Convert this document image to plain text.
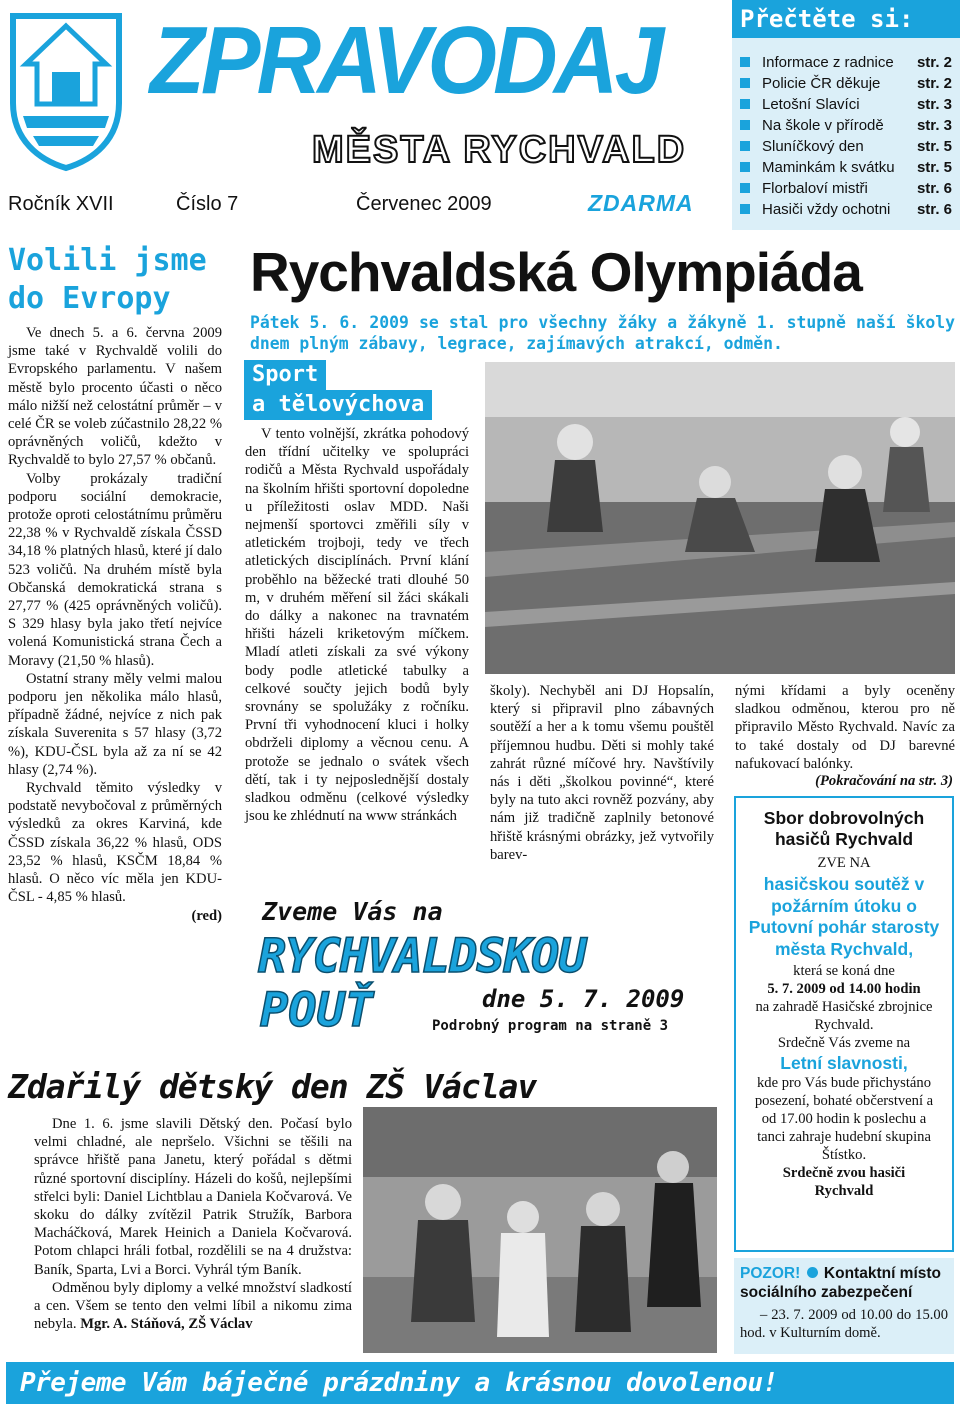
ZPRAVODAJ
MĚSTA RYCHVALD
Ročník XVII	Číslo 7	Červenec 2009	ZDARMA
Přečtěte si:
Informace z radnice str. 2
Policie ČR děkuje str. 2
Letošní Slavíci	str. 3
Na škole v přírodě str. 3
Sluníčkový den	str. 5
Maminkám k svátku str. 5
Florbaloví mistři	str. 6
Hasiči vždy ochotni str. 6
Volili jsme
do Evropy

Ve dnech 5. a 6. června 2009 jsme také v Rychvaldě volili do Evropského parlamentu. V našem městě bylo procento účasti o něco málo nižší než celostátní průměr – v celé ČR se voleb zúčastnilo 28,22 % oprávněných voličů, kdežto v Rychvaldě to bylo 27,57 % občanů.

Volby prokázaly tradiční podporu sociální demokracie, protože oproti celostátnímu průměru 22,38 % v Rychvaldě získala ČSSD 34,18 % platných hlasů, které jí dalo 523 voličů. Na druhém místě byla Občanská demokratická strana s 27,77 % (425 oprávněných voličů). S 329 hlasy byla jako třetí nejvíce volená Komunistická strana Čech a Moravy (21,50 % hlasů).

Ostatní strany měly velmi malou podporu jen několika málo hlasů, případně žádné, nejvíce z nich pak získala Suverenita s 57 hlasy (3,72 %), KDU-ČSL byla až za ní se 42 hlasy (2,74 %).

Rychvald těmito výsledky v podstatě nevybočoval z průměrných výsledků za okres Karviná, kde ČSSD získala 36,22 % hlasů, ODS 23,52 % hlasů, KSČM 18,84 % hlasů. O něco víc měla jen KDU-ČSL - 4,85 % hlasů.

(red)

Rychvaldská Olympiáda
Pátek 5. 6. 2009 se stal pro všechny žáky a žákyně 1. stupně naší školy dnem plným zábavy, legrace, zajímavých atrakcí, odměn.
Sport
a tělovýchova
V tento volnější, zkrátka pohodový den třídní učitelky ve spolupráci rodičů a Města Rychvald uspořádaly na školním hřišti sportovní dopoledne u příležitosti oslav MDD. Naši nejmenší sportovci změřili síly v atletickém trojboji, tedy ve třech atletických disciplínách. První klání proběhlo na běžecké trati dlouhé 50 m, v druhém měření sil žáci skákali do dálky a nakonec na travnatém hřišti házeli kriketovým míčkem. Mladí atleti získali za své výkony body podle atletické tabulky a celkové součty jejich bodů byly srovnány se spolužáky z ročníku. První tři vyhodnocení kluci i holky obdrželi diplomy a věcnou cenu. A protože se jednalo o svátek všech dětí, tak i ty nejposlednější dostaly sladkou odměnu (celkové výsledky jsou ke zhlédnutí na www stránkách
školy). Nechyběl ani DJ Hopsalín, který si připravil plno zábavných soutěží a her a k tomu všemu pouštěl příjemnou hudbu. Děti si mohly také zahrát různé míčové hry. Navštívily nás i děti „školkou povinné“, které byly na tuto akci rovněž pozvány, aby nám již tradičně zaplnily betonové hřiště krásnými obrázky, jež vytvořily barev-
nými křídami a byly oceněny sladkou odměnou, kterou pro ně připravilo Město Rychvald. Navíc za to také dostaly od DJ barevné nafukovací balónky.
(Pokračování na str. 3)
Zveme Vás na
RYCHVALDSKOU
POUŤ	dne 5. 7. 2009
Podrobný program na straně 3
Sbor dobrovolných hasičů Rychvald
ZVE NA
hasičskou soutěž v požárním útoku o Putovní pohár starosty města Rychvald,
která se koná dne
5. 7. 2009 od 14.00 hodin
na zahradě Hasičské zbrojnice Rychvald.
Srdečně Vás zveme na
Letní slavnosti,
kde pro Vás bude přichystáno posezení, bohaté občerstvení a od 17.00 hodin k poslechu a tanci zahraje hudební skupina Štístko.
Srdečně zvou hasiči Rychvald
POZOR! Kontaktní místo sociálního zabezpečení
– 23. 7. 2009 od 10.00 do 15.00 hod. v Kulturním domě.
Zdařilý dětský den ZŠ Václav

Dne 1. 6. jsme slavili Dětský den. Počasí bylo velmi chladné, ale nepršelo. Všichni se těšili na správce hřiště pana Janetu, který pořádal s dětmi různé sportovní disciplíny. Házeli do košů, nejlepšími střelci byli: Daniel Lichtblau a Daniela Kočvarová. Ve skoku do dálky zvítězil Patrik Stružík, Barbora Macháčková, Marek Heinich a Daniela Kočvarová. Potom chlapci hráli fotbal, rozdělili se na 4 družstva: Baník, Sparta, Lvi a Borci. Vyhrál tým Baník.

Odměnou byly diplomy a velké množství sladkostí a cen. Všem se tento den velmi líbil a nikomu zima nebyla. Mgr. A. Stáňová, ZŠ Václav

Přejeme Vám báječné prázdniny a krásnou dovolenou!
